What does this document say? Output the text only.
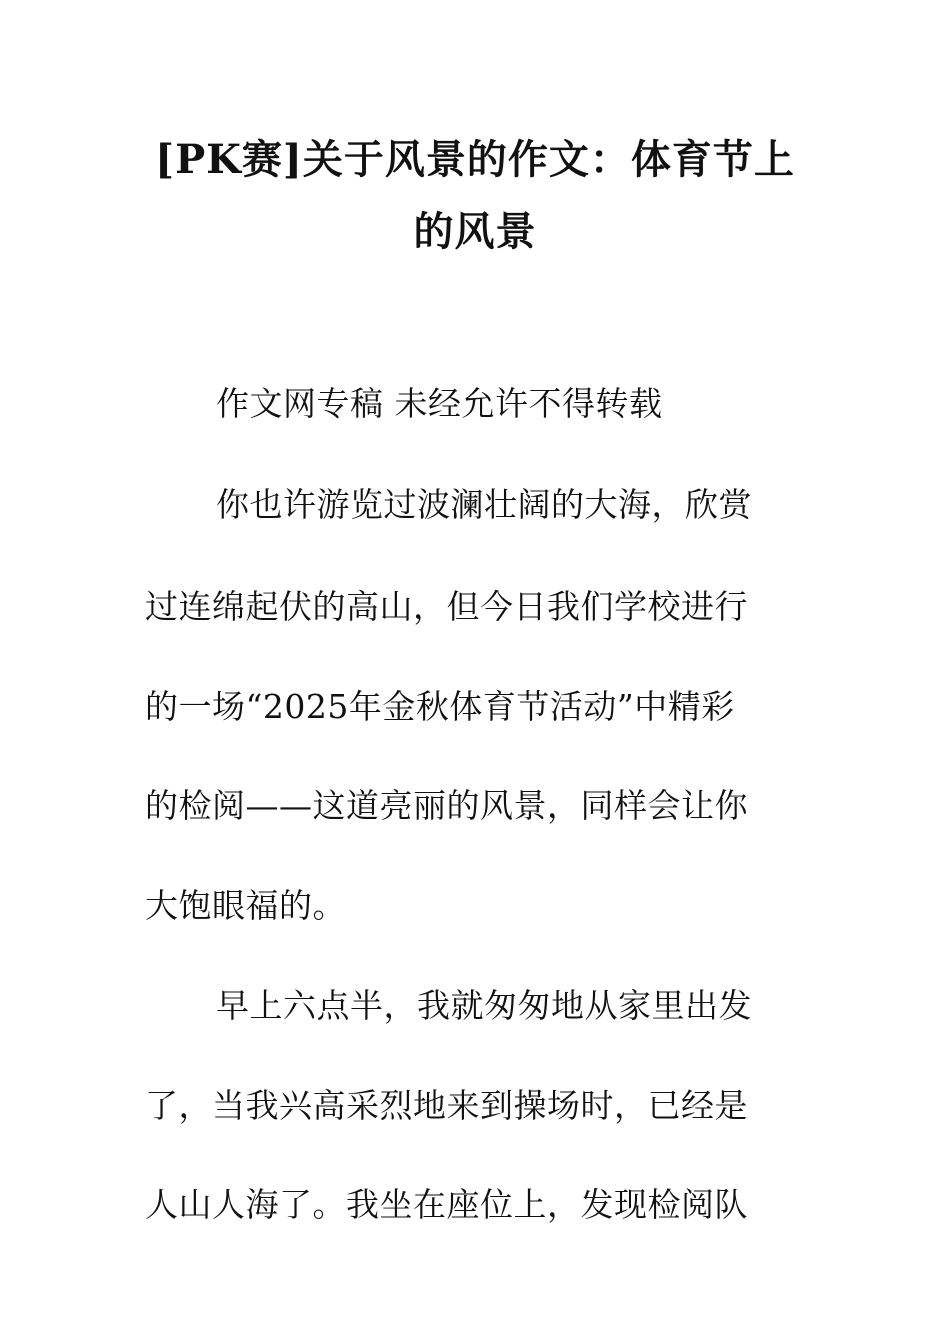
[PK赛]关于风景的作文：体育节上
的风景
作文网专稿 未经允许不得转载
你也许游览过波澜壮阔的大海，欣赏
过连绵起伏的高山，但今日我们学校进行
的一场“2025年金秋体育节活动”中精彩
的检阅——这道亮丽的风景，同样会让你
大饱眼福的。
早上六点半，我就匆匆地从家里出发
了，当我兴高采烈地来到操场时，已经是
人山人海了。我坐在座位上，发现检阅队
